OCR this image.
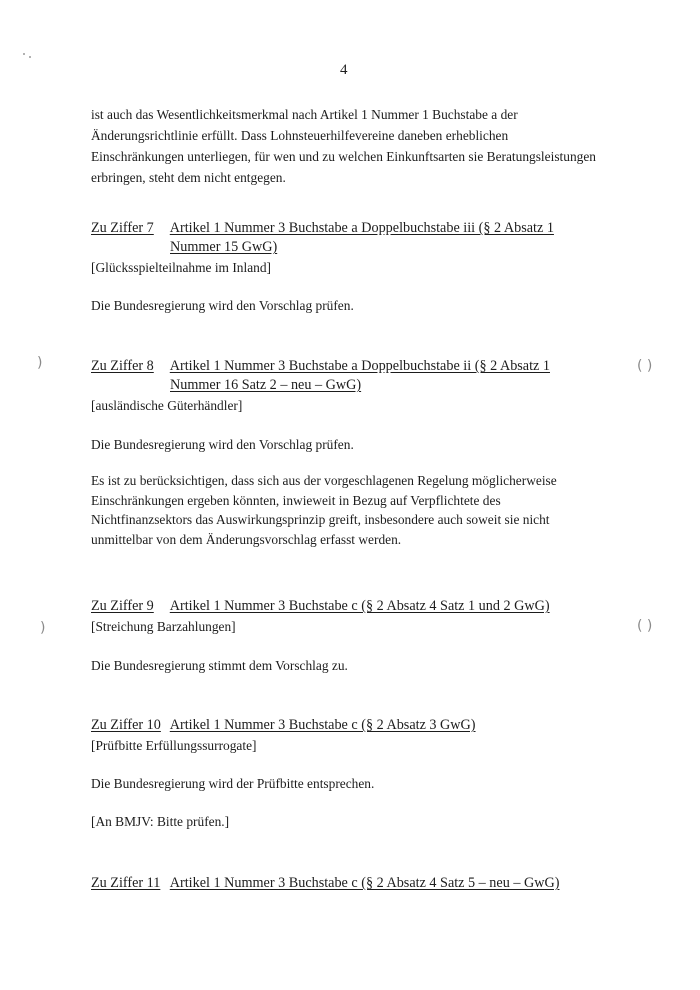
4
)	( )
)	( )

ist auch das Wesentlichkeitsmerkmal nach Artikel 1 Nummer 1 Buchstabe a der
Änderungsrichtlinie erfüllt. Dass Lohnsteuerhilfevereine daneben erheblichen
Einschränkungen unterliegen, für wen und zu welchen Einkunftsarten sie Beratungsleistungen
erbringen, steht dem nicht entgegen.

Zu Ziffer 7 Artikel 1 Nummer 3 Buchstabe a Doppelbuchstabe iii (§ 2 Absatz 1
Nummer 15 GwG)
[Glücksspielteilnahme im Inland]
Die Bundesregierung wird den Vorschlag prüfen.
Zu Ziffer 8 Artikel 1 Nummer 3 Buchstabe a Doppelbuchstabe ii (§ 2 Absatz 1
Nummer 16 Satz 2 – neu – GwG)
[ausländische Güterhändler]
Die Bundesregierung wird den Vorschlag prüfen.
Es ist zu berücksichtigen, dass sich aus der vorgeschlagenen Regelung möglicherweise
Einschränkungen ergeben könnten, inwieweit in Bezug auf Verpflichtete des
Nichtfinanzsektors das Auswirkungsprinzip greift, insbesondere auch soweit sie nicht
unmittelbar von dem Änderungsvorschlag erfasst werden.
Zu Ziffer 9 Artikel 1 Nummer 3 Buchstabe c (§ 2 Absatz 4 Satz 1 und 2 GwG)
[Streichung Barzahlungen]
Die Bundesregierung stimmt dem Vorschlag zu.
Zu Ziffer 10 Artikel 1 Nummer 3 Buchstabe c (§ 2 Absatz 3 GwG)
[Prüfbitte Erfüllungssurrogate]
Die Bundesregierung wird der Prüfbitte entsprechen.
[An BMJV: Bitte prüfen.]
Zu Ziffer 11 Artikel 1 Nummer 3 Buchstabe c (§ 2 Absatz 4 Satz 5 – neu – GwG)
